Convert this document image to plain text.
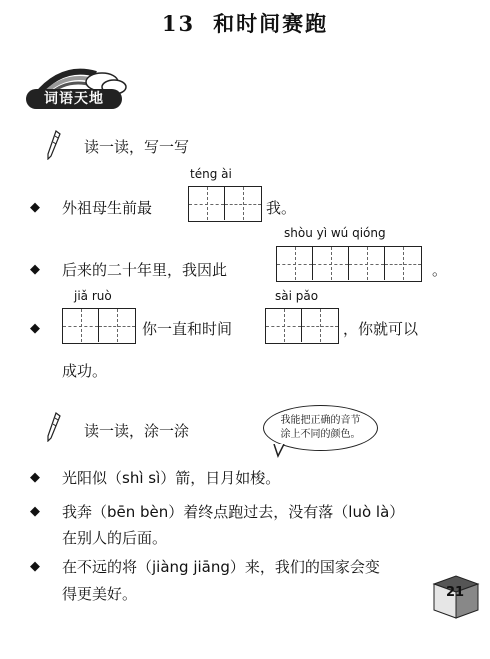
13 和时间赛跑
词语天地
读一读，写一写
téng ài
◆ 外祖母生前最	我。
shòu yì wú qióng
◆ 后来的二十年里，我因此	。
jiǎ ruò	sài pǎo
◆	你一直和时间	，你就可以
成功。
读一读，涂一涂
我能把正确的音节
涂上不同的颜色。
◆ 光阳似（shì sì）箭，日月如梭。
◆ 我奔（bēn bèn）着终点跑过去，没有落（luò là）
在别人的后面。
◆ 在不远的将（jiàng jiāng）来，我们的国家会变
得更美好。	21
